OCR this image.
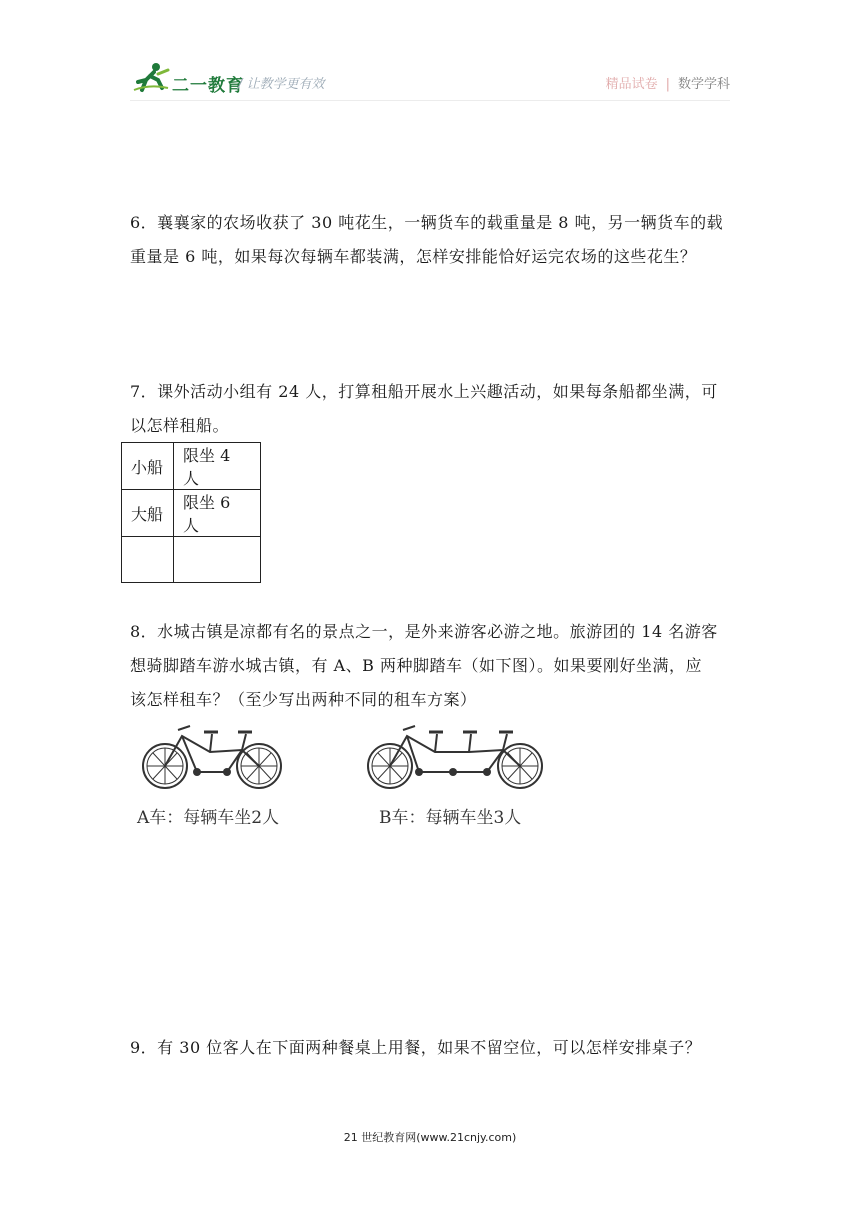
二一教育
/ 让教学更有效	精品试卷 | 数学学科
6．襄襄家的农场收获了 30 吨花生，一辆货车的载重量是 8 吨，另一辆货车的载
重量是 6 吨，如果每次每辆车都装满，怎样安排能恰好运完农场的这些花生？
7．课外活动小组有 24 人，打算租船开展水上兴趣活动，如果每条船都坐满，可
以怎样租船。
小船	限坐 4 人
大船	限坐 6 人

8．水城古镇是凉都有名的景点之一，是外来游客必游之地。旅游团的 14 名游客
想骑脚踏车游水城古镇，有 A、B 两种脚踏车（如下图）。如果要刚好坐满，应
该怎样租车？（至少写出两种不同的租车方案）
A车：每辆车坐2人	B车：每辆车坐3人
9．有 30 位客人在下面两种餐桌上用餐，如果不留空位，可以怎样安排桌子？
21 世纪教育网(www.21cnjy.com)
